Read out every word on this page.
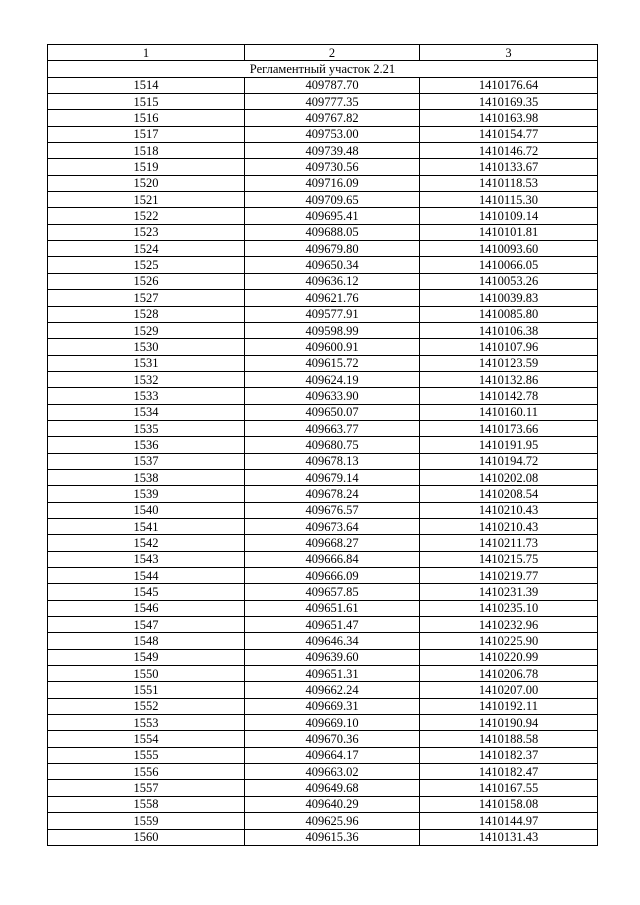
1	2	3
Регламентный участок 2.21		
1514	409787.70	1410176.64
1515	409777.35	1410169.35
1516	409767.82	1410163.98
1517	409753.00	1410154.77
1518	409739.48	1410146.72
1519	409730.56	1410133.67
1520	409716.09	1410118.53
1521	409709.65	1410115.30
1522	409695.41	1410109.14
1523	409688.05	1410101.81
1524	409679.80	1410093.60
1525	409650.34	1410066.05
1526	409636.12	1410053.26
1527	409621.76	1410039.83
1528	409577.91	1410085.80
1529	409598.99	1410106.38
1530	409600.91	1410107.96
1531	409615.72	1410123.59
1532	409624.19	1410132.86
1533	409633.90	1410142.78
1534	409650.07	1410160.11
1535	409663.77	1410173.66
1536	409680.75	1410191.95
1537	409678.13	1410194.72
1538	409679.14	1410202.08
1539	409678.24	1410208.54
1540	409676.57	1410210.43
1541	409673.64	1410210.43
1542	409668.27	1410211.73
1543	409666.84	1410215.75
1544	409666.09	1410219.77
1545	409657.85	1410231.39
1546	409651.61	1410235.10
1547	409651.47	1410232.96
1548	409646.34	1410225.90
1549	409639.60	1410220.99
1550	409651.31	1410206.78
1551	409662.24	1410207.00
1552	409669.31	1410192.11
1553	409669.10	1410190.94
1554	409670.36	1410188.58
1555	409664.17	1410182.37
1556	409663.02	1410182.47
1557	409649.68	1410167.55
1558	409640.29	1410158.08
1559	409625.96	1410144.97
1560	409615.36	1410131.43
